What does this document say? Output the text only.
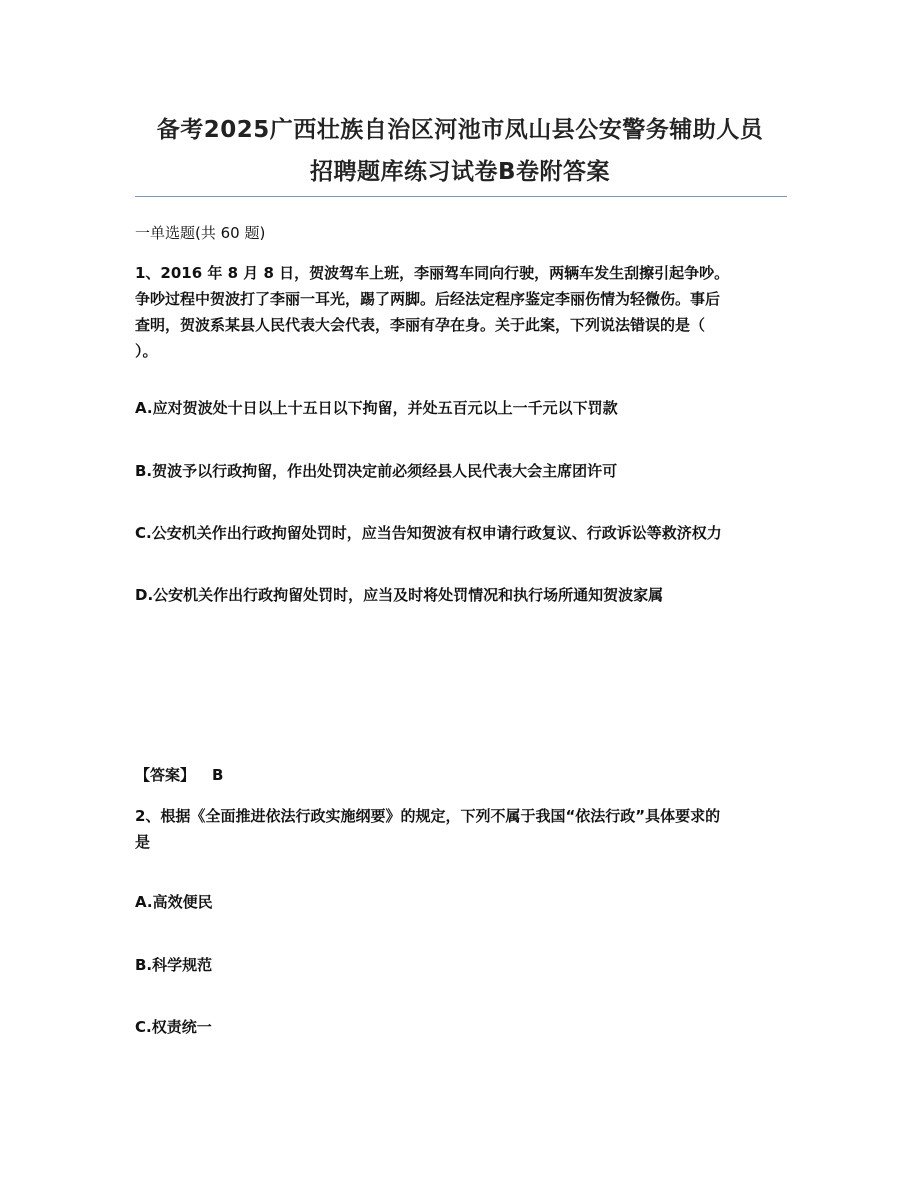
备考2025广西壮族自治区河池市凤山县公安警务辅助人员
招聘题库练习试卷B卷附答案
一单选题(共 60 题)
1、2016 年 8 月 8 日，贺波驾车上班，李丽驾车同向行驶，两辆车发生刮擦引起争吵。
争吵过程中贺波打了李丽一耳光，踢了两脚。后经法定程序鉴定李丽伤情为轻微伤。事后
查明，贺波系某县人民代表大会代表，李丽有孕在身。关于此案，下列说法错误的是（
）。
A.应对贺波处十日以上十五日以下拘留，并处五百元以上一千元以下罚款
B.贺波予以行政拘留，作出处罚决定前必须经县人民代表大会主席团许可
C.公安机关作出行政拘留处罚时，应当告知贺波有权申请行政复议、行政诉讼等救济权力
D.公安机关作出行政拘留处罚时，应当及时将处罚情况和执行场所通知贺波家属
【答案】 B
2、根据《全面推进依法行政实施纲要》的规定，下列不属于我国“依法行政”具体要求的
是
A.高效便民
B.科学规范
C.权责统一
